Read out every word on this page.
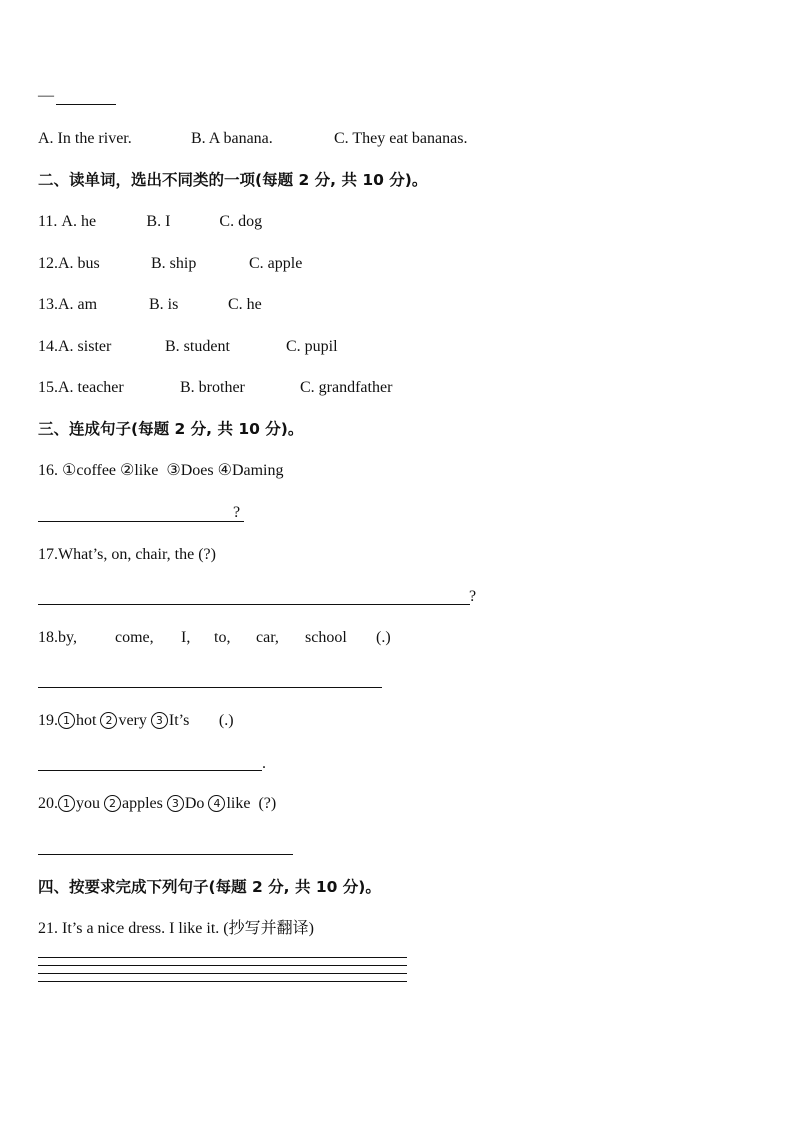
—
A. In the river.	B. A banana.	C. They eat bananas.
二、读单词，选出不同类的一项(每题 2 分, 共 10 分)。
11. A. he	B. I	C. dog
12.A. bus	B. ship	C. apple
13.A. am	B. is	C. he
14.A. sister	B. student	C. pupil
15.A. teacher	B. brother	C. grandfather
三、连成句子(每题 2 分, 共 10 分)。
16. ①coffee ②like ③Does ④Daming
?
17.What’s, on, chair, the (?)
?
18.by, come, I, to, car, school (.)
19. 1 hot 2 very 3 It’s (.)
.
20. 1 you 2 apples 3 Do 4 like (?)
四、按要求完成下列句子(每题 2 分, 共 10 分)。
21. It’s a nice dress. I like it. (抄写并翻译)
